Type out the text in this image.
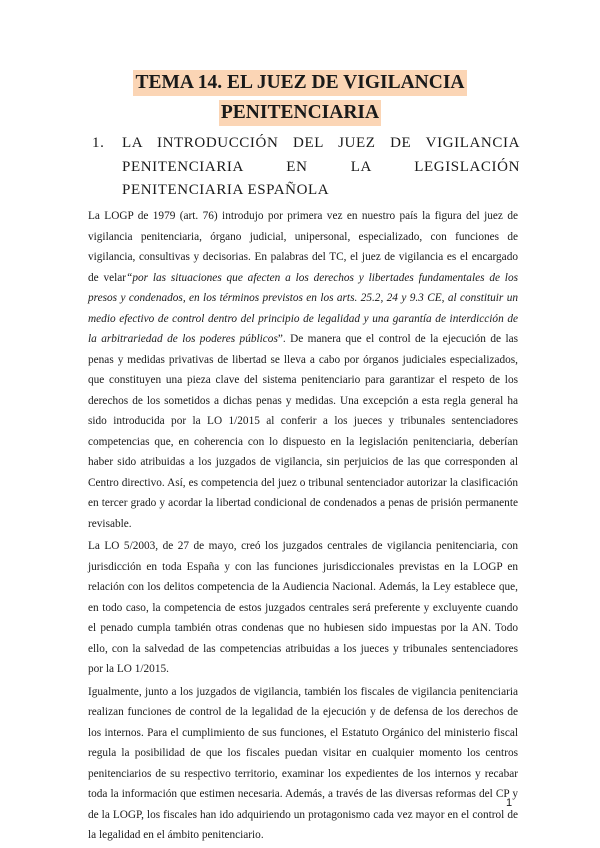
TEMA 14. EL JUEZ DE VIGILANCIA
PENITENCIARIA
1. LA INTRODUCCIÓN DEL JUEZ DE VIGILANCIA PENITENCIARIA EN LA LEGISLACIÓN PENITENCIARIA ESPAÑOLA

La LOGP de 1979 (art. 76) introdujo por primera vez en nuestro país la figura del juez de vigilancia penitenciaria, órgano judicial, unipersonal, especializado, con funciones de vigilancia, consultivas y decisorias. En palabras del TC, el juez de vigilancia es el encargado de velar“por las situaciones que afecten a los derechos y libertades fundamentales de los presos y condenados, en los términos previstos en los arts. 25.2, 24 y 9.3 CE, al constituir un medio efectivo de control dentro del principio de legalidad y una garantía de interdicción de la arbitrariedad de los poderes públicos”. De manera que el control de la ejecución de las penas y medidas privativas de libertad se lleva a cabo por órganos judiciales especializados, que constituyen una pieza clave del sistema penitenciario para garantizar el respeto de los derechos de los sometidos a dichas penas y medidas. Una excepción a esta regla general ha sido introducida por la LO 1/2015 al conferir a los jueces y tribunales sentenciadores competencias que, en coherencia con lo dispuesto en la legislación penitenciaria, deberían haber sido atribuidas a los juzgados de vigilancia, sin perjuicios de las que corresponden al Centro directivo. Así, es competencia del juez o tribunal sentenciador autorizar la clasificación en tercer grado y acordar la libertad condicional de condenados a penas de prisión permanente revisable.

La LO 5/2003, de 27 de mayo, creó los juzgados centrales de vigilancia penitenciaria, con jurisdicción en toda España y con las funciones jurisdiccionales previstas en la LOGP en relación con los delitos competencia de la Audiencia Nacional. Además, la Ley establece que, en todo caso, la competencia de estos juzgados centrales será preferente y excluyente cuando el penado cumpla también otras condenas que no hubiesen sido impuestas por la AN. Todo ello, con la salvedad de las competencias atribuidas a los jueces y tribunales sentenciadores por la LO 1/2015.

Igualmente, junto a los juzgados de vigilancia, también los fiscales de vigilancia penitenciaria realizan funciones de control de la legalidad de la ejecución y de defensa de los derechos de los internos. Para el cumplimiento de sus funciones, el Estatuto Orgánico del ministerio fiscal regula la posibilidad de que los fiscales puedan visitar en cualquier momento los centros penitenciarios de su respectivo territorio, examinar los expedientes de los internos y recabar toda la información que estimen necesaria. Además, a través de las diversas reformas del CP y de la LOGP, los fiscales han ido adquiriendo un protagonismo cada vez mayor en el control de la legalidad en el ámbito penitenciario.

1
